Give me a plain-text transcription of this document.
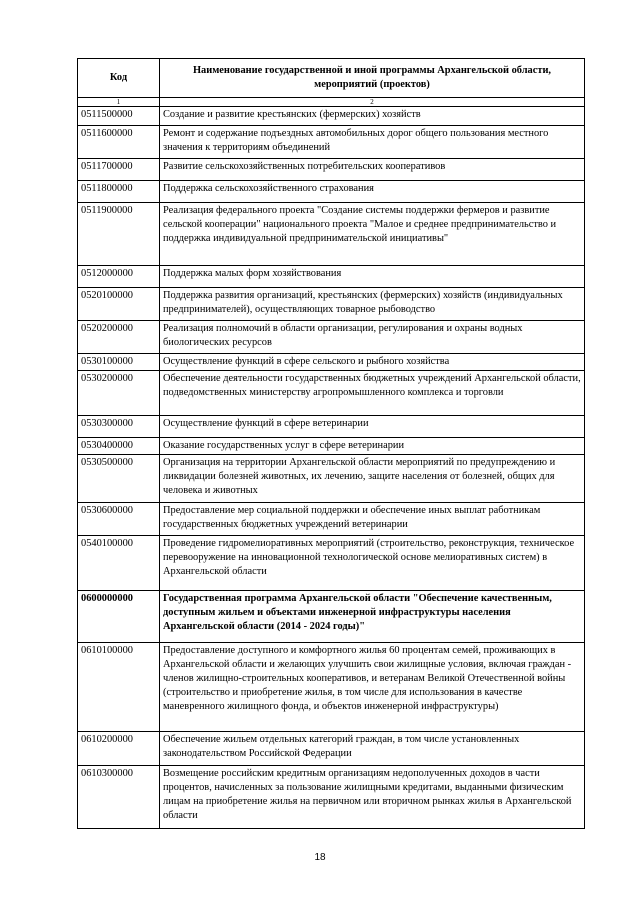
Код	Наименование государственной и иной программы Архангельской области, мероприятий (проектов)
1	2
0511500000	Создание и развитие крестьянских (фермерских) хозяйств
0511600000	Ремонт и содержание подъездных автомобильных дорог общего пользования местного значения к территориям объединений
0511700000	Развитие сельскохозяйственных потребительских кооперативов
0511800000	Поддержка сельскохозяйственного страхования
0511900000	Реализация федерального проекта "Создание системы поддержки фермеров и развитие сельской кооперации" национального проекта "Малое и среднее предпринимательство и поддержка индивидуальной предпринимательской инициативы"
0512000000	Поддержка малых форм хозяйствования
0520100000	Поддержка развития организаций, крестьянских (фермерских) хозяйств (индивидуальных предпринимателей), осуществляющих товарное рыбоводство
0520200000	Реализация полномочий в области организации, регулирования и охраны водных биологических ресурсов
0530100000	Осуществление функций в сфере сельского и рыбного хозяйства
0530200000	Обеспечение деятельности государственных бюджетных учреждений Архангельской области, подведомственных министерству агропромышленного комплекса и торговли
0530300000	Осуществление функций в сфере ветеринарии
0530400000	Оказание государственных услуг в сфере ветеринарии
0530500000	Организация на территории Архангельской области мероприятий по предупреждению и ликвидации болезней животных, их лечению, защите населения от болезней, общих для человека и животных
0530600000	Предоставление мер социальной поддержки и обеспечение иных выплат работникам государственных бюджетных учреждений ветеринарии
0540100000	Проведение гидромелиоративных мероприятий (строительство, реконструкция, техническое перевооружение на инновационной технологической основе мелиоративных систем) в Архангельской области
0600000000	Государственная программа Архангельской области "Обеспечение качественным, доступным жильем и объектами инженерной инфраструктуры населения Архангельской области (2014 - 2024 годы)"
0610100000	Предоставление доступного и комфортного жилья 60 процентам семей, проживающих в Архангельской области и желающих улучшить свои жилищные условия, включая граждан - членов жилищно-строительных кооперативов, и ветеранам Великой Отечественной войны (строительство и приобретение жилья, в том числе для использования в качестве маневренного жилищного фонда, и объектов инженерной инфраструктуры)
0610200000	Обеспечение жильем отдельных категорий граждан, в том числе установленных законодательством Российской Федерации
0610300000	Возмещение российским кредитным организациям недополученных доходов в части процентов, начисленных за пользование жилищными кредитами, выданными физическим лицам на приобретение жилья на первичном или вторичном рынках жилья в Архангельской области
18
